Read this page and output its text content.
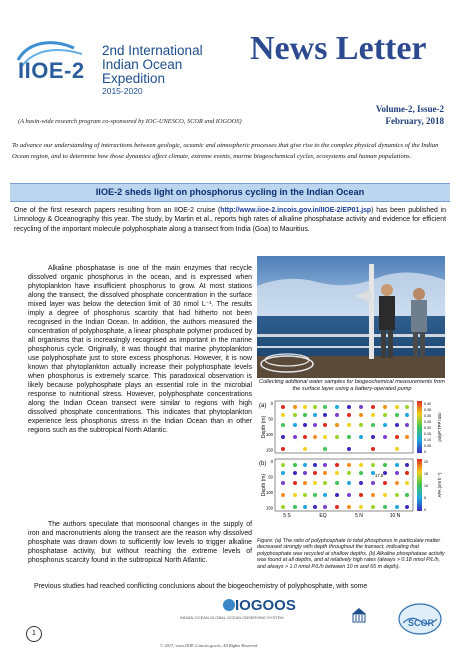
IIOE-2
2nd International
Indian Ocean
Expedition
2015-2020
News Letter
Volume-2, Issue-2
February, 2018
(A basin-wide research program co-sponsored by IOC-UNESCO, SCOR and IOGOOS)
To advance our understanding of interactions between geologic, oceanic and atmospheric processes that give rise to the complex physical dynamics of the Indian Ocean region, and to determine how those dynamics affect climate, extreme events, marine biogeochemical cycles, ecosystems and human populations.
IIOE-2 sheds light on phosphorus cycling in the Indian Ocean
One of the first research papers resulting from an IIOE-2 cruise (http://www.iioe-2.incois.gov.in/IIOE-2/EP01.jsp) has been published in Limnology & Oceanography this year. The study, by Martin et al., reports high rates of alkaline phosphatase activity and evidence for efficient recycling of the important molecule polyphosphate along a transect from India (Goa) to Mauritius.

Alkaline phosphatase is one of the main enzymes that recycle dissolved organic phosphorus in the ocean, and is expressed when phytoplankton have insufficient phosphorus to grow. At most stations along the transect, the dissolved phosphate concentration in the surface mixed layer was below the detection limit of 30 nmol L⁻¹. The results imply a degree of phosphorus scarcity that had hitherto not been recognised in the Indian Ocean. In addition, the authors measured the concentration of polyphosphate, a linear phosphate polymer produced by all organisms that is increasingly recognised as important in the marine phosphorus cycle. Originally, it was thought that marine phytoplankton use polyphosphate just to store excess phosphorus. However, it is now known that phytoplankton actually increase their polyphosphate levels when phosphorus is extremely scarce. This paradoxical observation is likely because polyphosphate plays an essential role in the microbial response to nutritional stress. However, polyphosphate concentrations along the Indian Ocean transect were similar to regions with high dissolved phosphate concentrations. This indicates that phytoplankton experience less phosphorus stress in the Indian Ocean than in other regions such as the subtropical North Atlantic.

The authors speculate that monsoonal changes in the supply of iron and macronutrients along the transect are the reason why dissolved phosphate was drawn down to sufficiently low levels to trigger alkaline phosphatase activity, but without reaching the extreme levels of phosphorus scarcity found in the subtropical North Atlantic.
Collecting addiional water samples for biogeochemical measurements from the surface layer using a battery-operated pump
(a)
Depth (m)
0
50
100
150
polyP:TPP ratio
0.40
0.35
0.30
0.25
0.20
0.15
0.10
0.05
0
(b)
Depth (m)
0
50
100
150
APA (nM h⁻¹)
20
15
10
5
0
17.5
5 S	EQ	5 N	10 N
Figure: (a) The ratio of polyphosphate to total phosphorus in particulate matter decreased strongly with depth throughout the transect, indicating that polyphosphate was recycled at shallow depths. (b) Alkaline phosphatase activity was found at all depths, and at relatively high rates (always > 0.18 nmol P/L/h, and always > 1.0 nmol P/L/h between 10 m and 65 m depth).
Previous studies had reached conflicting conclusions about the biogeochemistry of polyphosphate, with some
1
IOGOOS
INDIAN OCEAN GLOBAL OCEAN OBSERVING SYSTEM
SCOR
© 2017, www.IIOE-2.incois.gov.in, All Rights Reserved.
